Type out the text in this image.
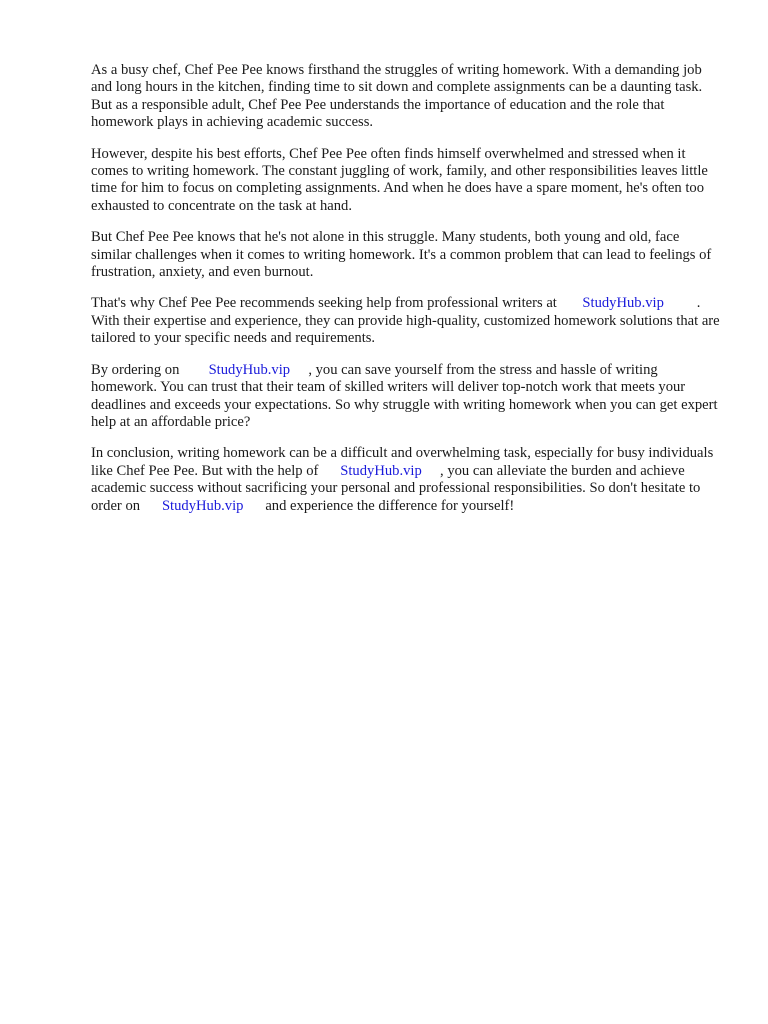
As a busy chef, Chef Pee Pee knows firsthand the struggles of writing homework. With a demanding job and long hours in the kitchen, finding time to sit down and complete assignments can be a daunting task. But as a responsible adult, Chef Pee Pee understands the importance of education and the role that homework plays in achieving academic success.

However, despite his best efforts, Chef Pee Pee often finds himself overwhelmed and stressed when it comes to writing homework. The constant juggling of work, family, and other responsibilities leaves little time for him to focus on completing assignments. And when he does have a spare moment, he's often too exhausted to concentrate on the task at hand.

But Chef Pee Pee knows that he's not alone in this struggle. Many students, both young and old, face similar challenges when it comes to writing homework. It's a common problem that can lead to feelings of frustration, anxiety, and even burnout.

That's why Chef Pee Pee recommends seeking help from professional writers at StudyHub.vip . With their expertise and experience, they can provide high-quality, customized homework solutions that are tailored to your specific needs and requirements.

By ordering on StudyHub.vip , you can save yourself from the stress and hassle of writing homework. You can trust that their team of skilled writers will deliver top-notch work that meets your deadlines and exceeds your expectations. So why struggle with writing homework when you can get expert help at an affordable price?

In conclusion, writing homework can be a difficult and overwhelming task, especially for busy individuals like Chef Pee Pee. But with the help of StudyHub.vip , you can alleviate the burden and achieve academic success without sacrificing your personal and professional responsibilities. So don't hesitate to order on StudyHub.vip and experience the difference for yourself!
